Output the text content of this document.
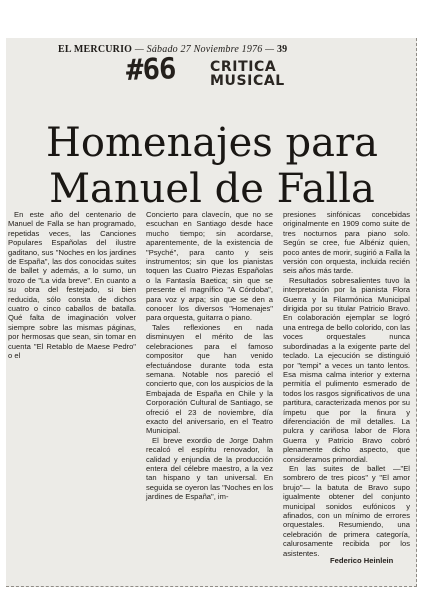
EL MERCURIO — Sábado 27 Noviembre 1976 — 39
#66 CRITICA
MUSICAL
Homenajes para
Manuel de Falla

En este año del centenario de Manuel de Falla se han programado, repetidas veces, las Canciones Populares Españolas del ilustre gaditano, sus "Noches en los jardines de España", las dos conocidas suites de ballet y además, a lo sumo, un trozo de "La vida breve". En cuanto a su obra del festejado, si bien reducida, sólo consta de dichos cuatro o cinco caballos de batalla. Qué falta de imaginación volver siempre sobre las mismas páginas, por hermosas que sean, sin tomar en cuenta "El Retablo de Maese Pedro" o el

Concierto para clavecín, que no se escuchan en Santiago desde hace mucho tiempo; sin acordarse, aparentemente, de la existencia de "Psyché", para canto y seis instrumentos; sin que los pianistas toquen las Cuatro Piezas Españolas o la Fantasía Baetica; sin que se presente el magnífico "A Córdoba", para voz y arpa; sin que se den a conocer los diversos "Homenajes" para orquesta, guitarra o piano.

Tales reflexiones en nada disminuyen el mérito de las celebraciones para el famoso compositor que han venido efectuándose durante toda esta semana. Notable nos pareció el concierto que, con los auspicios de la Embajada de España en Chile y la Corporación Cultural de Santiago, se ofreció el 23 de noviembre, día exacto del aniversario, en el Teatro Municipal.

El breve exordio de Jorge Dahm recalcó el espíritu renovador, la calidad y enjundia de la producción entera del célebre maestro, a la vez tan hispano y tan universal. En seguida se oyeron las "Noches en los jardines de España", im-

presiones sinfónicas concebidas originalmente en 1909 como suite de tres nocturnos para piano solo. Según se cree, fue Albéniz quien, poco antes de morir, sugirió a Falla la versión con orquesta, incluida recién seis años más tarde.

Resultados sobresalientes tuvo la interpretación por la pianista Flora Guerra y la Filarmónica Municipal dirigida por su titular Patricio Bravo. En colaboración ejemplar se logró una entrega de bello colorido, con las voces orquestales nunca subordinadas a la exigente parte del teclado. La ejecución se distinguió por "tempi" a veces un tanto lentos. Esa misma calma interior y externa permitía el pulimento esmerado de todos los rasgos significativos de una partitura, caracterizada menos por su ímpetu que por la finura y diferenciación de mil detalles. La pulcra y cariñosa labor de Flora Guerra y Patricio Bravo cobró plenamente dicho aspecto, que consideramos primordial.

En las suites de ballet —"El sombrero de tres picos" y "El amor brujo"— la batuta de Bravo supo igualmente obtener del conjunto municipal sonidos eufónicos y afinados, con un mínimo de errores orquestales. Resumiendo, una celebración de primera categoría, calurosamente recibida por los asistentes.

Federico Heinlein
